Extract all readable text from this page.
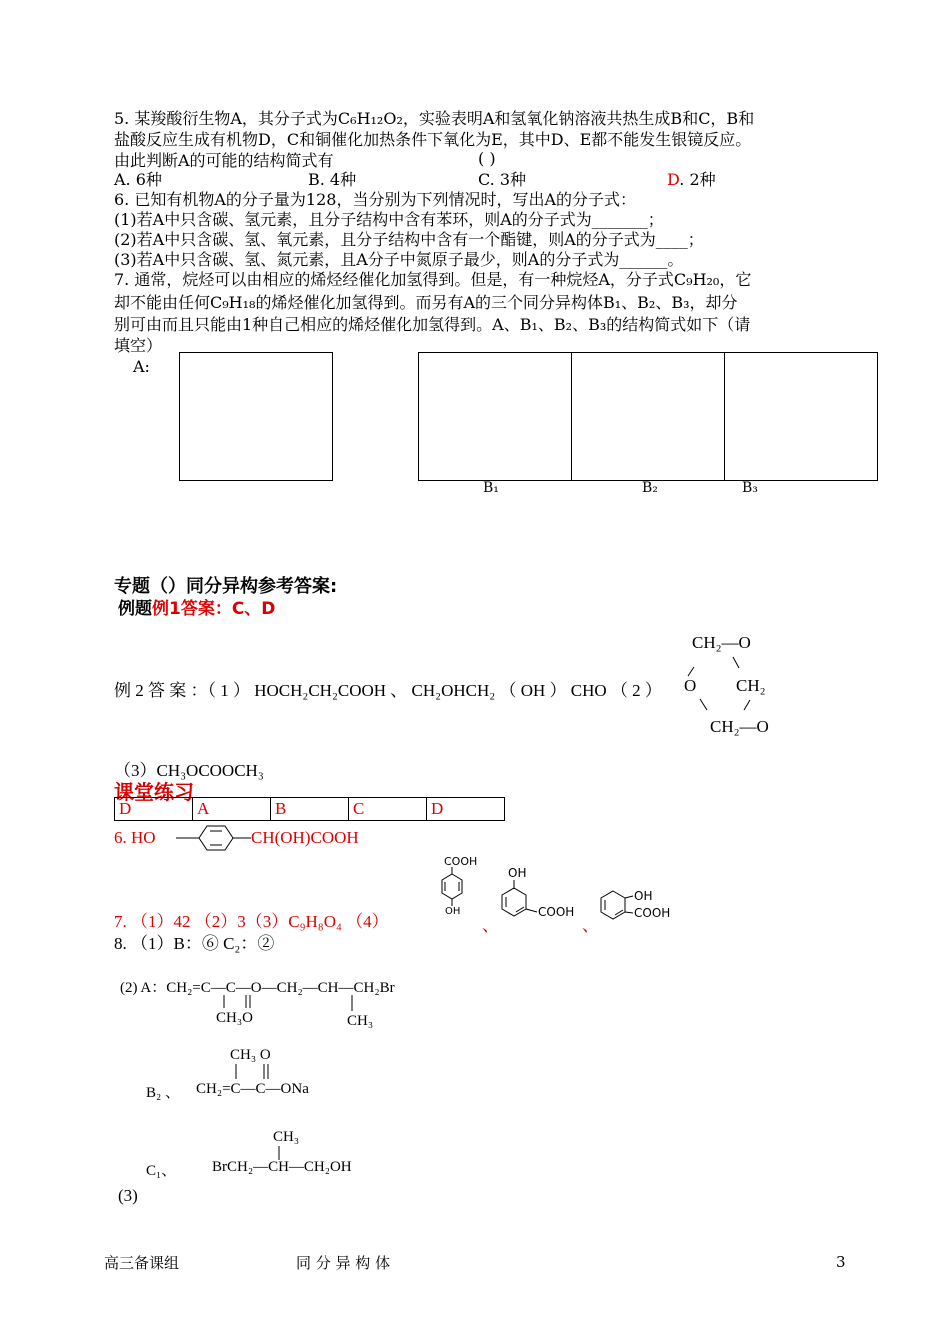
5. 某羧酸衍生物A，其分子式为C₆H₁₂O₂，实验表明A和氢氧化钠溶液共热生成B和C，B和
盐酸反应生成有机物D，C和铜催化加热条件下氧化为E，其中D、E都不能发生银镜反应。
由此判断A的可能的结构简式有	( )
A. 6种	B. 4种	C. 3种	D. 2种
6. 已知有机物A的分子量为128，当分别为下列情况时，写出A的分子式：
(1)若A中只含碳、氢元素，且分子结构中含有苯环，则A的分子式为_______；
(2)若A中只含碳、氢、氧元素，且分子结构中含有一个酯键，则A的分子式为____；
(3)若A中只含碳、氢、氮元素，且A分子中氮原子最少，则A的分子式为______。
7. 通常，烷烃可以由相应的烯烃经催化加氢得到。但是，有一种烷烃A，分子式C₉H₂₀，它
却不能由任何C₉H₁₈的烯烃催化加氢得到。而另有A的三个同分异构体B₁、B₂、B₃，却分
别可由而且只能由1种自己相应的烯烃催化加氢得到。A、B₁、B₂、B₃的结构简式如下（请
填空）
A:
B₁	B₂	B₃
专题（）同分异构参考答案:
例题例1答案：C、D
CH₂—O
例 2 答 案 ：（ 1 ） HOCH₂CH₂COOH 、 CH₂OHCH₂ （ OH ） CHO （ 2 ） O CH₂
CH₂—O
（3）CH₃OCOOCH₃
课堂练习
D	A	B	C	D
6. HO	CH(OH)COOH
7. （1）42 （2）3（3）C₉H₈O₄ （4）
COOH
OH
、
OH
COOH
、
OH
COOH
8. （1）B：⑥ C₂：②
(2) A：CH₂=C—C—O—CH₂—CH—CH₂Br
CH₃O	CH₃
CH₃ O
B₂ 、 CH₂=C—C—ONa
CH₃
C₁、 BrCH₂—CH—CH₂OH
(3)
高三备课组	同 分 异 构 体	3
